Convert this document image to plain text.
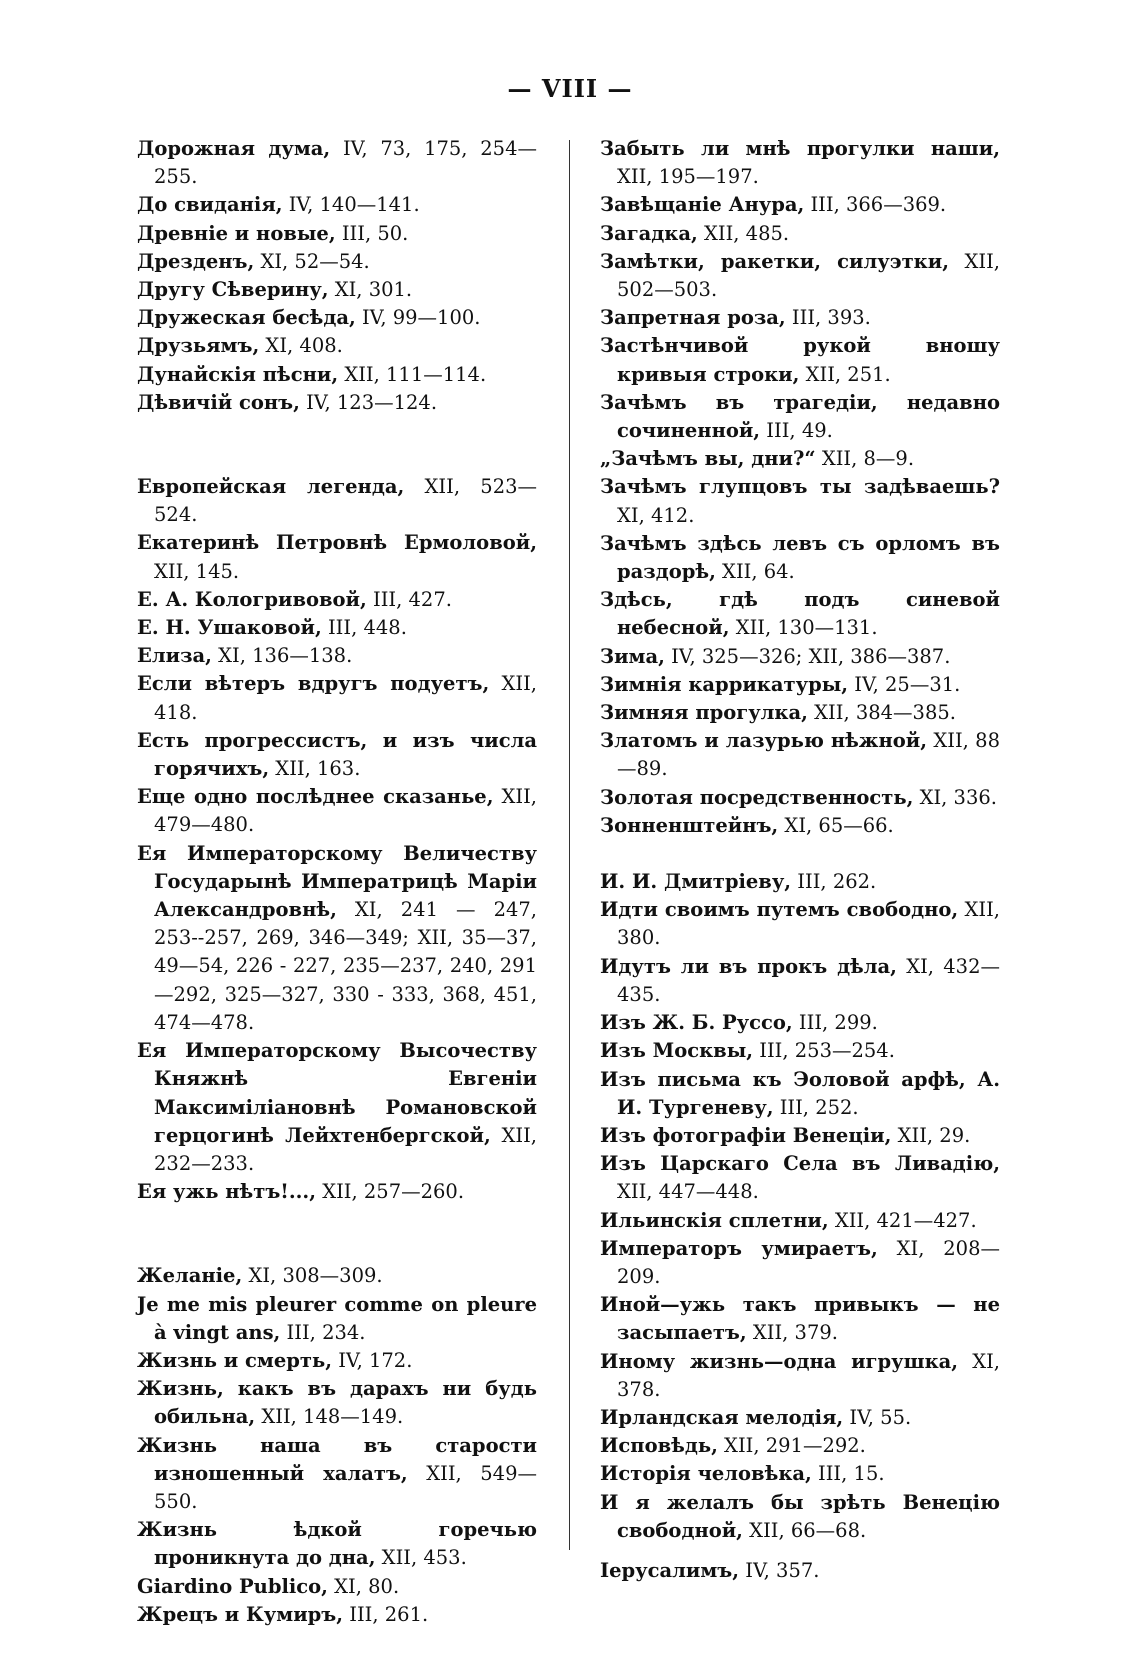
— VIII —

Дорожная дума, IV, 73, 175, 254—255.

До свиданія, IV, 140—141.

Древніе и новые, III, 50.

Дрезденъ, XI, 52—54.

Другу Сѣверину, XI, 301.

Дружеская бесѣда, IV, 99—100.

Друзьямъ, XI, 408.

Дунайскія пѣсни, XII, 111—114.

Дѣвичій сонъ, IV, 123—124.

Европейская легенда, XII, 523—524.

Екатеринѣ Петровнѣ Ермоловой, XII, 145.

Е. А. Кологривовой, III, 427.

Е. Н. Ушаковой, III, 448.

Елиза, XI, 136—138.

Если вѣтеръ вдругъ подуетъ, XII, 418.

Есть прогрессистъ, и изъ числа горячихъ, XII, 163.

Еще одно послѣднее сказанье, XII, 479—480.

Ея Императорскому Величеству Государынѣ Императрицѣ Маріи Александровнѣ, XI, 241 — 247, 253--257, 269, 346—349; XII, 35—37, 49—54, 226 - 227, 235—237, 240, 291—292, 325—327, 330 - 333, 368, 451, 474—478.

Ея Императорскому Высочеству Княжнѣ Евгеніи Максиміліановнѣ Романовской герцогинѣ Лейхтенбергской, XII, 232—233.

Ея ужь нѣтъ!..., XII, 257—260.

Желаніе, XI, 308—309.

Je me mis pleurer comme on pleure à vingt ans, III, 234.

Жизнь и смерть, IV, 172.

Жизнь, какъ въ дарахъ ни будь обильна, XII, 148—149.

Жизнь наша въ старости изношенный халатъ, XII, 549—550.

Жизнь ѣдкой горечью проникнута до дна, XII, 453.

Giardino Publico, XI, 80.

Жрецъ и Кумиръ, III, 261.

Забыть ли мнѣ прогулки наши, XII, 195—197.

Завѣщаніе Анура, III, 366—369.

Загадка, XII, 485.

Замѣтки, ракетки, силуэтки, XII, 502—503.

Запретная роза, III, 393.

Застѣнчивой рукой вношу кривыя строки, XII, 251.

Зачѣмъ въ трагедіи, недавно сочиненной, III, 49.

„Зачѣмъ вы, дни?“ XII, 8—9.

Зачѣмъ глупцовъ ты задѣваешь? XI, 412.

Зачѣмъ здѣсь левъ съ орломъ въ раздорѣ, XII, 64.

Здѣсь, гдѣ подъ синевой небесной, XII, 130—131.

Зима, IV, 325—326; XII, 386—387.

Зимнія каррикатуры, IV, 25—31.

Зимняя прогулка, XII, 384—385.

Златомъ и лазурью нѣжной, XII, 88—89.

Золотая посредственность, XI, 336.

Зонненштейнъ, XI, 65—66.

И. И. Дмитріеву, III, 262.

Идти своимъ путемъ свободно, XII, 380.

Идутъ ли въ прокъ дѣла, XI, 432—435.

Изъ Ж. Б. Руссо, III, 299.

Изъ Москвы, III, 253—254.

Изъ письма къ Эоловой арфѣ, А. И. Тургеневу, III, 252.

Изъ фотографіи Венеціи, XII, 29.

Изъ Царскаго Села въ Ливадію, XII, 447—448.

Ильинскія сплетни, XII, 421—427.

Императоръ умираетъ, XI, 208—209.

Иной—ужь такъ привыкъ — не засыпаетъ, XII, 379.

Иному жизнь—одна игрушка, XI, 378.

Ирландская мелодія, IV, 55.

Исповѣдь, XII, 291—292.

Исторія человѣка, III, 15.

И я желалъ бы зрѣть Венецію свободной, XII, 66—68.

Іерусалимъ, IV, 357.
